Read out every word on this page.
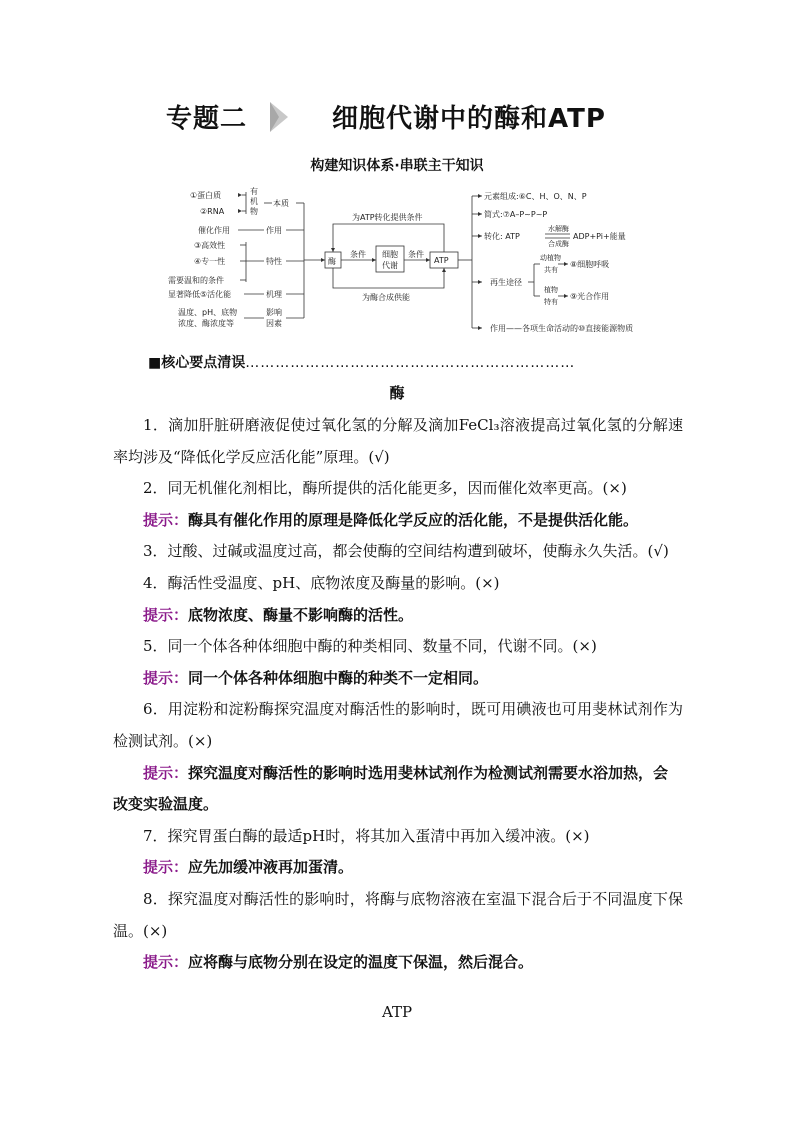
专题二	细胞代谢中的酶和ATP
构建知识体系·串联主干知识
①蛋白质
②RNA
有
机
物
本质
催化作用	作用
③高效性
④专一性	特性
需要温和的条件
显著降低⑤活化能	机理
温度、pH、底物
浓度、酶浓度等
影响
因素
酶
条件 细胞
代谢
条件
ATP
为ATP转化提供条件
为酶合成供能
元素组成:⑥C、H、O、N、P
简式:⑦A–P~P~P
转化: ATP
水解酶
合成酶
ADP+Pi+能量
再生途径
动植物
共有
⑧细胞呼吸
植物
特有
⑨光合作用
作用——各项生命活动的⑩直接能源物质
■核心要点清误…………………………………………………………
酶

1．滴加肝脏研磨液促使过氧化氢的分解及滴加FeCl₃溶液提高过氧化氢的分解速率均涉及“降低化学反应活化能”原理。(√)

2．同无机催化剂相比，酶所提供的活化能更多，因而催化效率更高。(×)

提示：酶具有催化作用的原理是降低化学反应的活化能，不是提供活化能。

3．过酸、过碱或温度过高，都会使酶的空间结构遭到破坏，使酶永久失活。(√)

4．酶活性受温度、pH、底物浓度及酶量的影响。(×)

提示：底物浓度、酶量不影响酶的活性。

5．同一个体各种体细胞中酶的种类相同、数量不同，代谢不同。(×)

提示：同一个体各种体细胞中酶的种类不一定相同。

6．用淀粉和淀粉酶探究温度对酶活性的影响时，既可用碘液也可用斐林试剂作为检测试剂。(×)

提示：探究温度对酶活性的影响时选用斐林试剂作为检测试剂需要水浴加热，会改变实验温度。

7．探究胃蛋白酶的最适pH时，将其加入蛋清中再加入缓冲液。(×)

提示：应先加缓冲液再加蛋清。

8．探究温度对酶活性的影响时，将酶与底物溶液在室温下混合后于不同温度下保温。(×)

提示：应将酶与底物分别在设定的温度下保温，然后混合。

ATP
